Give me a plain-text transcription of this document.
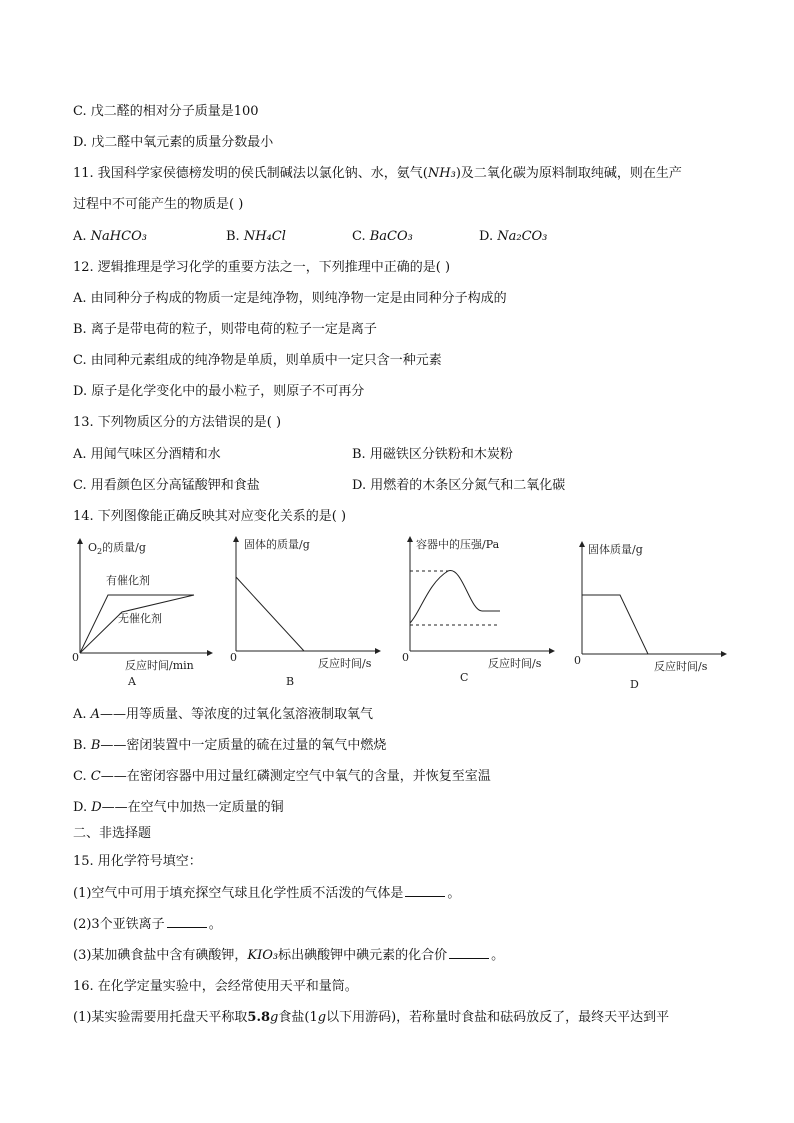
C. 戊二醛的相对分子质量是100
D. 戊二醛中氧元素的质量分数最小
11. 我国科学家侯德榜发明的侯氏制碱法以氯化钠、水，氨气(NH₃)及二氧化碳为原料制取纯碱，则在生产
过程中不可能产生的物质是( )
A. NaHCO₃	B. NH₄Cl	C. BaCO₃	D. Na₂CO₃
12. 逻辑推理是学习化学的重要方法之一，下列推理中正确的是( )
A. 由同种分子构成的物质一定是纯净物，则纯净物一定是由同种分子构成的
B. 离子是带电荷的粒子，则带电荷的粒子一定是离子
C. 由同种元素组成的纯净物是单质，则单质中一定只含一种元素
D. 原子是化学变化中的最小粒子，则原子不可再分
13. 下列物质区分的方法错误的是( )
A. 用闻气味区分酒精和水	B. 用磁铁区分铁粉和木炭粉
C. 用看颜色区分高锰酸钾和食盐	D. 用燃着的木条区分氮气和二氧化碳
14. 下列图像能正确反映其对应变化关系的是( )
$O_2$的质量/g
有催化剂
无催化剂
0
反应时间/min
A
固体的质量/g
0	反应时间/s
B
容器中的压强/Pa
0	反应时间/s
C
固体质量/g
0	反应时间/s
D
A. A——用等质量、等浓度的过氧化氢溶液制取氧气
B. B——密闭装置中一定质量的硫在过量的氧气中燃烧
C. C——在密闭容器中用过量红磷测定空气中氧气的含量，并恢复至室温
D. D——在空气中加热一定质量的铜
二、非选择题
15. 用化学符号填空：
(1)空气中可用于填充探空气球且化学性质不活泼的气体是	。
(2)3个亚铁离子	。
(3)某加碘食盐中含有碘酸钾，KIO₃标出碘酸钾中碘元素的化合价	。
16. 在化学定量实验中，会经常使用天平和量筒。
(1)某实验需要用托盘天平称取5.8g食盐(1g以下用游码)，若称量时食盐和砝码放反了，最终天平达到平
